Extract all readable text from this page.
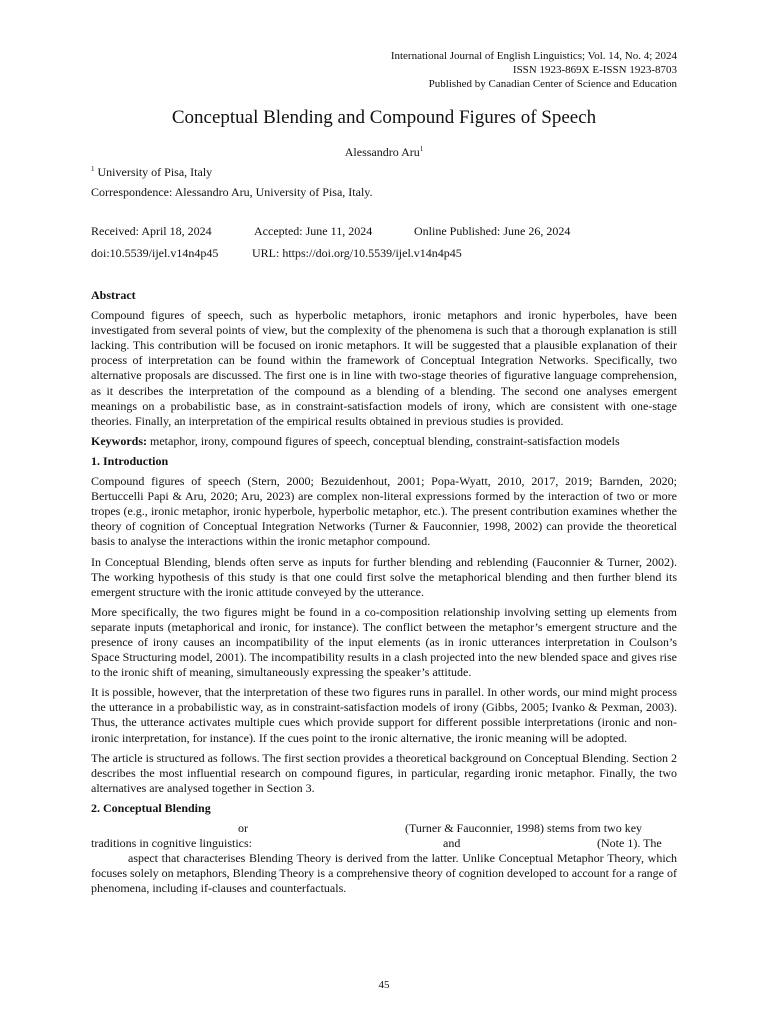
International Journal of English Linguistics; Vol. 14, No. 4; 2024
ISSN 1923-869X E-ISSN 1923-8703
Published by Canadian Center of Science and Education
Conceptual Blending and Compound Figures of Speech
Alessandro Aru$^1$
$^1$ University of Pisa, Italy
Correspondence: Alessandro Aru, University of Pisa, Italy.
Received: April 18, 2024	Accepted: June 11, 2024	Online Published: June 26, 2024
doi:10.5539/ijel.v14n4p45	URL: https://doi.org/10.5539/ijel.v14n4p45
Abstract

Compound figures of speech, such as hyperbolic metaphors, ironic metaphors and ironic hyperboles, have been investigated from several points of view, but the complexity of the phenomena is such that a thorough explanation is still lacking. This contribution will be focused on ironic metaphors. It will be suggested that a plausible explanation of their process of interpretation can be found within the framework of Conceptual Integration Networks. Specifically, two alternative proposals are discussed. The first one is in line with two-stage theories of figurative language comprehension, as it describes the interpretation of the compound as a blending of a blending. The second one analyses emergent meanings on a probabilistic base, as in constraint-satisfaction models of irony, which are consistent with one-stage theories. Finally, an interpretation of the empirical results obtained in previous studies is provided.

Keywords: metaphor, irony, compound figures of speech, conceptual blending, constraint-satisfaction models

1. Introduction

Compound figures of speech (Stern, 2000; Bezuidenhout, 2001; Popa-Wyatt, 2010, 2017, 2019; Barnden, 2020; Bertuccelli Papi & Aru, 2020; Aru, 2023) are complex non-literal expressions formed by the interaction of two or more tropes (e.g., ironic metaphor, ironic hyperbole, hyperbolic metaphor, etc.). The present contribution examines whether the theory of cognition of Conceptual Integration Networks (Turner & Fauconnier, 1998, 2002) can provide the theoretical basis to analyse the interactions within the ironic metaphor compound.

In Conceptual Blending, blends often serve as inputs for further blending and reblending (Fauconnier & Turner, 2002). The working hypothesis of this study is that one could first solve the metaphorical blending and then further blend its emergent structure with the ironic attitude conveyed by the utterance.

More specifically, the two figures might be found in a co-composition relationship involving setting up elements from separate inputs (metaphorical and ironic, for instance). The conflict between the metaphor’s emergent structure and the presence of irony causes an incompatibility of the input elements (as in ironic utterances interpretation in Coulson’s Space Structuring model, 2001). The incompatibility results in a clash projected into the new blended space and gives rise to the ironic shift of meaning, simultaneously expressing the speaker’s attitude.

It is possible, however, that the interpretation of these two figures runs in parallel. In other words, our mind might process the utterance in a probabilistic way, as in constraint-satisfaction models of irony (Gibbs, 2005; Ivanko & Pexman, 2003). Thus, the utterance activates multiple cues which provide support for different possible interpretations (ironic and non-ironic interpretation, for instance). If the cues point to the ironic alternative, the ironic meaning will be adopted.

The article is structured as follows. The first section provides a theoretical background on Conceptual Blending. Section 2 describes the most influential research on compound figures, in particular, regarding ironic metaphor. Finally, the two alternatives are analysed together in Section 3.

2. Conceptual Blending
or	(Turner & Fauconnier, 1998) stems from two key
traditions in cognitive linguistics:	and	(Note 1). The

aspect that characterises Blending Theory is derived from the latter. Unlike Conceptual Metaphor Theory, which focuses solely on metaphors, Blending Theory is a comprehensive theory of cognition developed to account for a range of phenomena, including if-clauses and counterfactuals.

45
